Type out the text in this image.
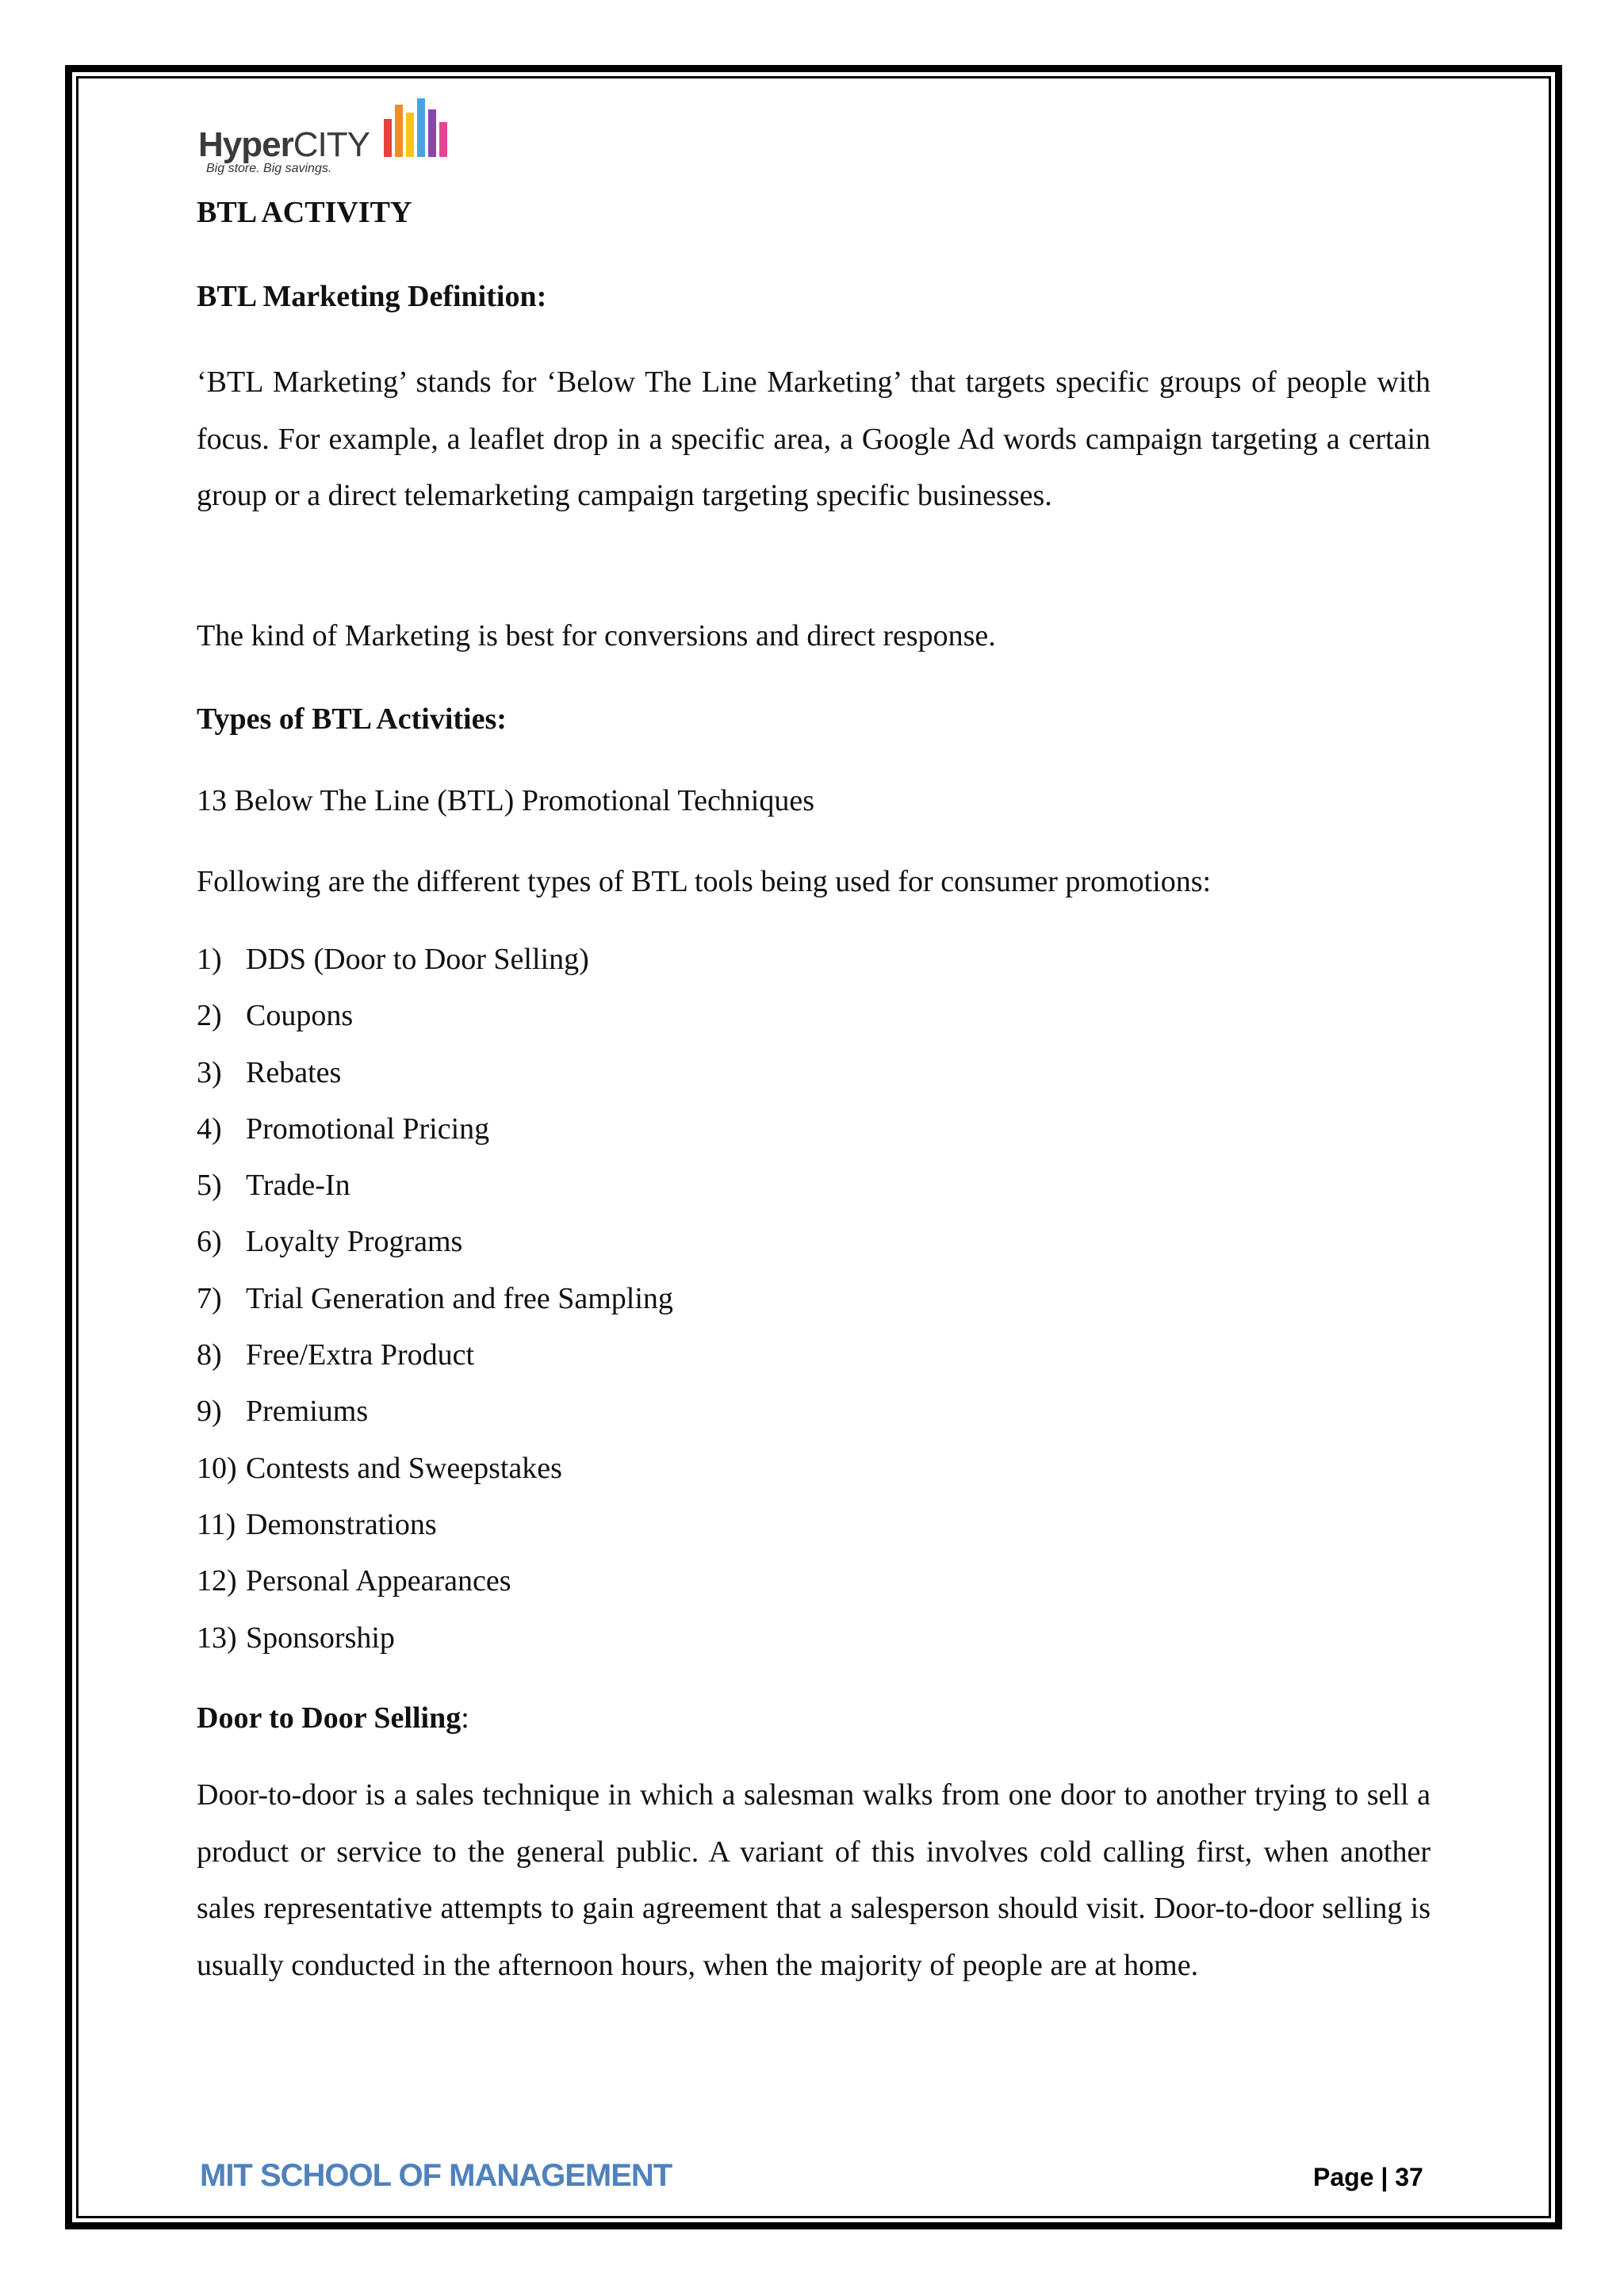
HyperCITY
Big store. Big savings.
BTL ACTIVITY
BTL Marketing Definition:
‘BTL Marketing’ stands for ‘Below The Line Marketing’ that targets specific groups of people with focus. For example, a leaflet drop in a specific area, a Google Ad words campaign targeting a certain group or a direct telemarketing campaign targeting specific businesses.
The kind of Marketing is best for conversions and direct response.
Types of BTL Activities:
13 Below The Line (BTL) Promotional Techniques
Following are the different types of BTL tools being used for consumer promotions:
1) DDS (Door to Door Selling)
2) Coupons
3) Rebates
4) Promotional Pricing
5) Trade-In
6) Loyalty Programs
7) Trial Generation and free Sampling
8) Free/Extra Product
9) Premiums
10) Contests and Sweepstakes
11) Demonstrations
12) Personal Appearances
13) Sponsorship
Door to Door Selling:
Door-to-door is a sales technique in which a salesman walks from one door to another trying to sell a product or service to the general public. A variant of this involves cold calling first, when another sales representative attempts to gain agreement that a salesperson should visit. Door-to-door selling is usually conducted in the afternoon hours, when the majority of people are at home.
MIT SCHOOL OF MANAGEMENT	Page | 37
